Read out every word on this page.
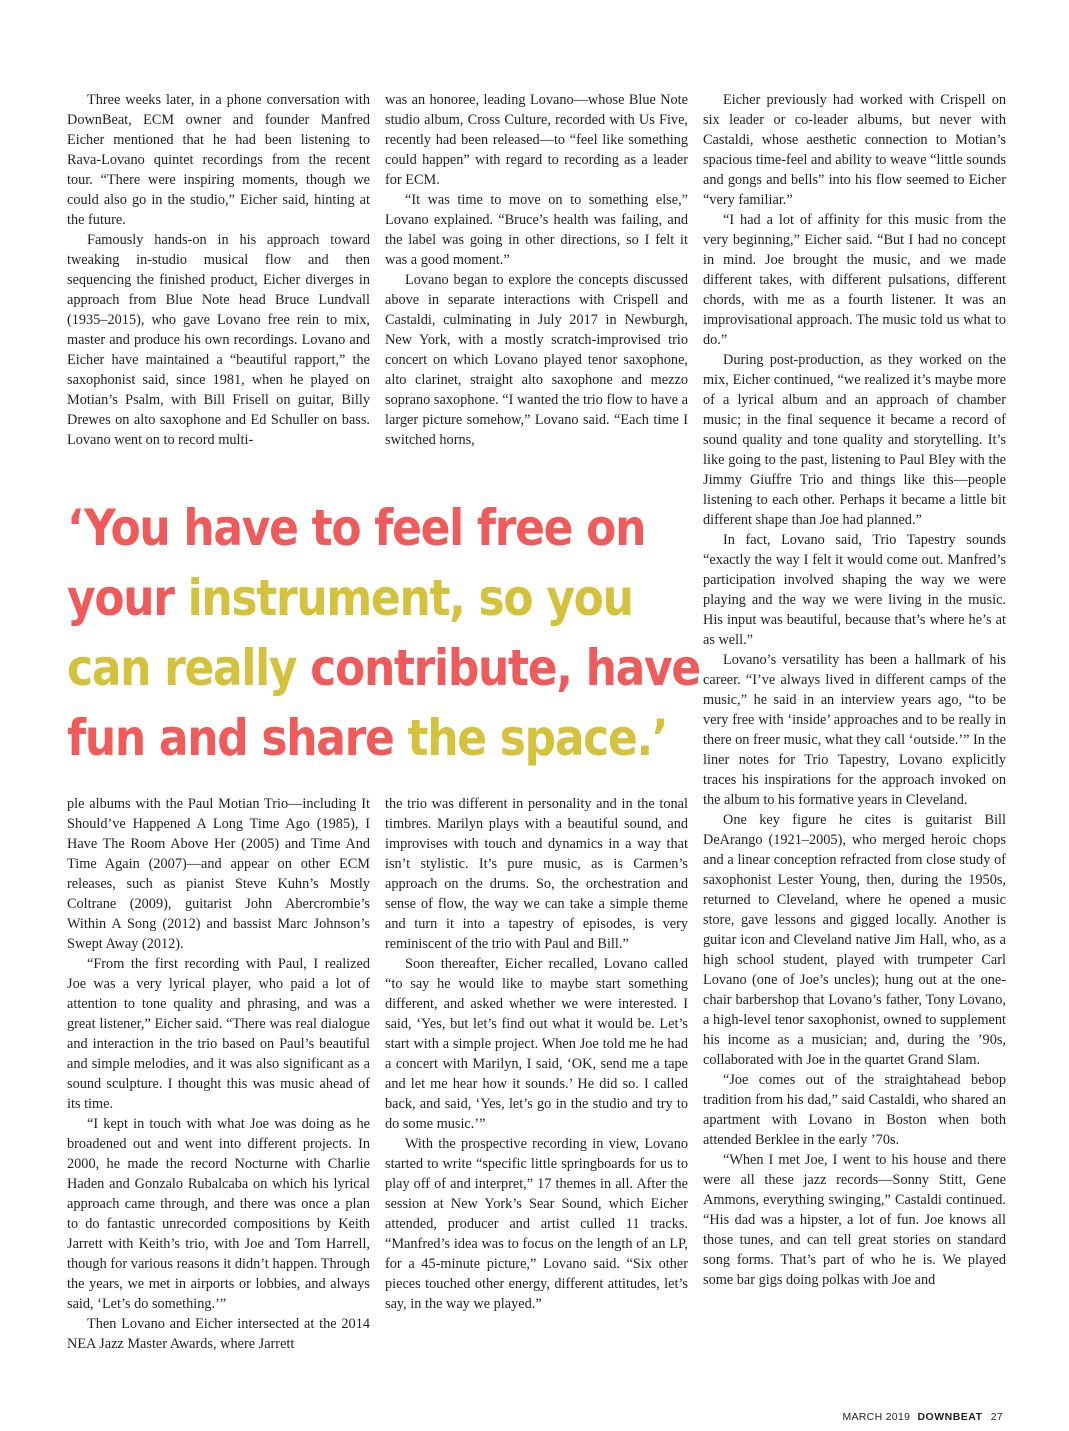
Three weeks later, in a phone conversation with DownBeat, ECM owner and founder Manfred Eicher mentioned that he had been listening to Rava-Lovano quintet recordings from the recent tour. “There were inspiring moments, though we could also go in the studio,” Eicher said, hinting at the future.

Famously hands-on in his approach toward tweaking in-studio musical flow and then sequencing the finished product, Eicher diverges in approach from Blue Note head Bruce Lundvall (1935–2015), who gave Lovano free rein to mix, master and produce his own recordings. Lovano and Eicher have maintained a “beautiful rapport,” the saxophonist said, since 1981, when he played on Motian’s Psalm, with Bill Frisell on guitar, Billy Drewes on alto saxophone and Ed Schuller on bass. Lovano went on to record multi-

was an honoree, leading Lovano—whose Blue Note studio album, Cross Culture, recorded with Us Five, recently had been released—to “feel like something could happen” with regard to recording as a leader for ECM.

“It was time to move on to something else,” Lovano explained. “Bruce’s health was failing, and the label was going in other directions, so I felt it was a good moment.”

Lovano began to explore the concepts discussed above in separate interactions with Crispell and Castaldi, culminating in July 2017 in Newburgh, New York, with a mostly scratch-improvised trio concert on which Lovano played tenor saxophone, alto clarinet, straight alto saxophone and mezzo soprano saxophone. “I wanted the trio flow to have a larger picture somehow,” Lovano said. “Each time I switched horns,

Eicher previously had worked with Crispell on six leader or co-leader albums, but never with Castaldi, whose aesthetic connection to Motian’s spacious time-feel and ability to weave “little sounds and gongs and bells” into his flow seemed to Eicher “very familiar.”

“I had a lot of affinity for this music from the very beginning,” Eicher said. “But I had no concept in mind. Joe brought the music, and we made different takes, with different pulsations, different chords, with me as a fourth listener. It was an improvisational approach. The music told us what to do.”

During post-production, as they worked on the mix, Eicher continued, “we realized it’s maybe more of a lyrical album and an approach of chamber music; in the final sequence it became a record of sound quality and tone quality and storytelling. It’s like going to the past, listening to Paul Bley with the Jimmy Giuffre Trio and things like this—people listening to each other. Perhaps it became a little bit different shape than Joe had planned.”

In fact, Lovano said, Trio Tapestry sounds “exactly the way I felt it would come out. Manfred’s participation involved shaping the way we were playing and the way we were living in the music. His input was beautiful, because that’s where he’s at as well.”

Lovano’s versatility has been a hallmark of his career. “I’ve always lived in different camps of the music,” he said in an interview years ago, “to be very free with ‘inside’ approaches and to be really in there on freer music, what they call ‘outside.’” In the liner notes for Trio Tapestry, Lovano explicitly traces his inspirations for the approach invoked on the album to his formative years in Cleveland.

One key figure he cites is guitarist Bill DeArango (1921–2005), who merged heroic chops and a linear conception refracted from close study of saxophonist Lester Young, then, during the 1950s, returned to Cleveland, where he opened a music store, gave lessons and gigged locally. Another is guitar icon and Cleveland native Jim Hall, who, as a high school student, played with trumpeter Carl Lovano (one of Joe’s uncles); hung out at the one-chair barbershop that Lovano’s father, Tony Lovano, a high-level tenor saxophonist, owned to supplement his income as a musician; and, during the ’90s, collaborated with Joe in the quartet Grand Slam.

“Joe comes out of the straightahead bebop tradition from his dad,” said Castaldi, who shared an apartment with Lovano in Boston when both attended Berklee in the early ’70s.

“When I met Joe, I went to his house and there were all these jazz records—Sonny Stitt, Gene Ammons, everything swinging,” Castaldi continued. “His dad was a hipster, a lot of fun. Joe knows all those tunes, and can tell great stories on standard song forms. That’s part of who he is. We played some bar gigs doing polkas with Joe and

‘You have to feel free on
your instrument, so you
can really contribute, have
fun and share the space.’

ple albums with the Paul Motian Trio—including It Should’ve Happened A Long Time Ago (1985), I Have The Room Above Her (2005) and Time And Time Again (2007)—and appear on other ECM releases, such as pianist Steve Kuhn’s Mostly Coltrane (2009), guitarist John Abercrombie’s Within A Song (2012) and bassist Marc Johnson’s Swept Away (2012).

“From the first recording with Paul, I realized Joe was a very lyrical player, who paid a lot of attention to tone quality and phrasing, and was a great listener,” Eicher said. “There was real dialogue and interaction in the trio based on Paul’s beautiful and simple melodies, and it was also significant as a sound sculpture. I thought this was music ahead of its time.

“I kept in touch with what Joe was doing as he broadened out and went into different projects. In 2000, he made the record Nocturne with Charlie Haden and Gonzalo Rubalcaba on which his lyrical approach came through, and there was once a plan to do fantastic unrecorded compositions by Keith Jarrett with Keith’s trio, with Joe and Tom Harrell, though for various reasons it didn’t happen. Through the years, we met in airports or lobbies, and always said, ‘Let’s do something.’”

Then Lovano and Eicher intersected at the 2014 NEA Jazz Master Awards, where Jarrett

the trio was different in personality and in the tonal timbres. Marilyn plays with a beautiful sound, and improvises with touch and dynamics in a way that isn’t stylistic. It’s pure music, as is Carmen’s approach on the drums. So, the orchestration and sense of flow, the way we can take a simple theme and turn it into a tapestry of episodes, is very reminiscent of the trio with Paul and Bill.”

Soon thereafter, Eicher recalled, Lovano called “to say he would like to maybe start something different, and asked whether we were interested. I said, ‘Yes, but let’s find out what it would be. Let’s start with a simple project. When Joe told me he had a concert with Marilyn, I said, ‘OK, send me a tape and let me hear how it sounds.’ He did so. I called back, and said, ‘Yes, let’s go in the studio and try to do some music.’”

With the prospective recording in view, Lovano started to write “specific little springboards for us to play off of and interpret,” 17 themes in all. After the session at New York’s Sear Sound, which Eicher attended, producer and artist culled 11 tracks. “Manfred’s idea was to focus on the length of an LP, for a 45-minute picture,” Lovano said. “Six other pieces touched other energy, different attitudes, let’s say, in the way we played.”

MARCH 2019 DOWNBEAT 27
